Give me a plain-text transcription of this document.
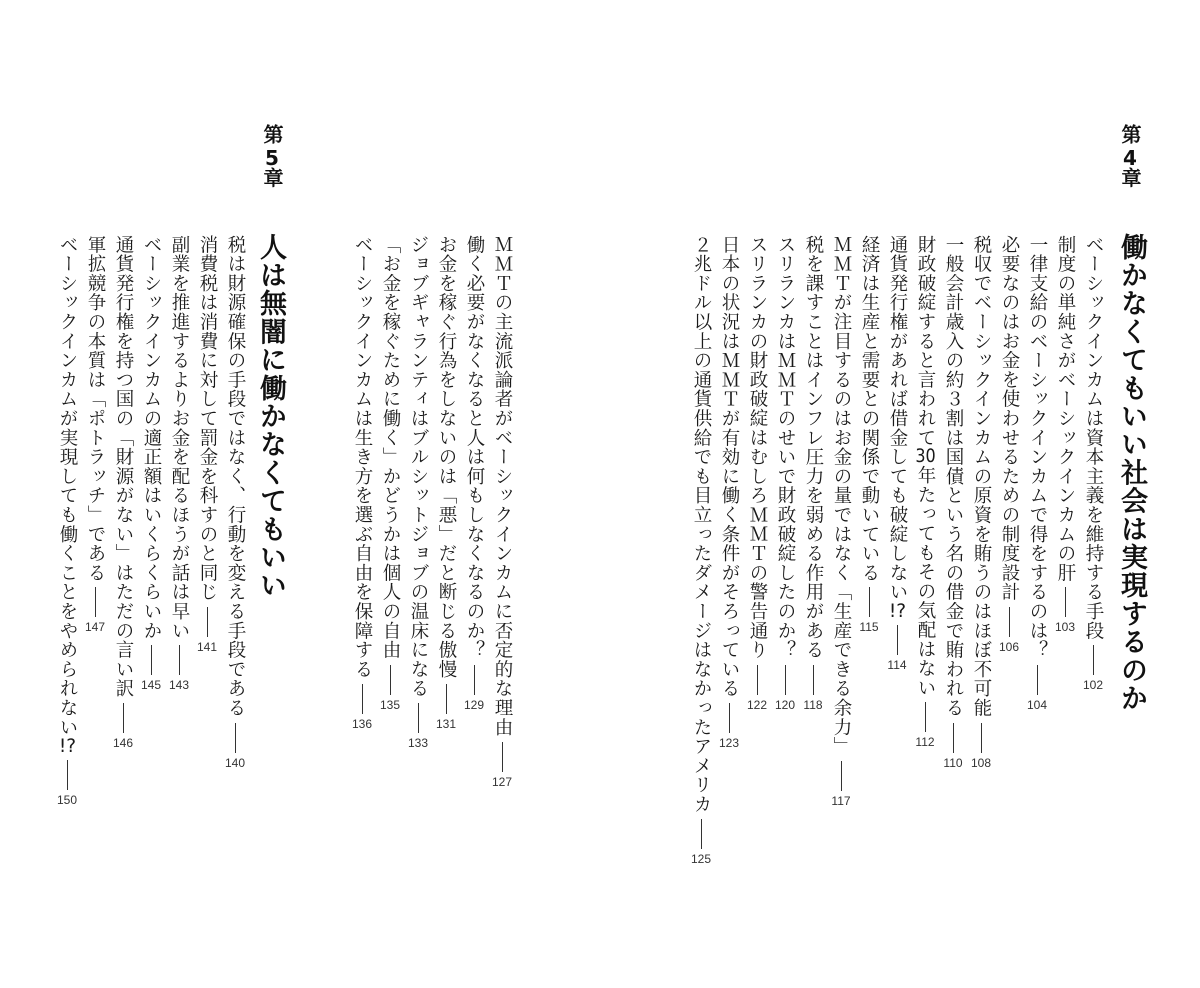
第4章
働かなくてもいい社会は実現するのか
ベーシックインカムは資本主義を維持する手段
102
制度の単純さがベーシックインカムの肝
103
一律支給のベーシックインカムで得をするのは？
104
必要なのはお金を使わせるための制度設計
106
税収でベーシックインカムの原資を賄うのはほぼ不可能
108
一般会計歳入の約３割は国債という名の借金で賄われる
110
財政破綻すると言われて30年たってもその気配はない
112
通貨発行権があれば借金しても破綻しない!?
114
経済は生産と需要との関係で動いている
115
ＭＭＴが注目するのはお金の量ではなく「生産できる余力」
117
税を課すことはインフレ圧力を弱める作用がある
118
スリランカはＭＭＴのせいで財政破綻したのか？
120
スリランカの財政破綻はむしろＭＭＴの警告通り
122
日本の状況はＭＭＴが有効に働く条件がそろっている
123
２兆ドル以上の通貨供給でも目立ったダメージはなかったアメリカ
125
ＭＭＴの主流派論者がベーシックインカムに否定的な理由
127
働く必要がなくなると人は何もしなくなるのか？
129
お金を稼ぐ行為をしないのは「悪」だと断じる傲慢
131
ジョブギャランティはブルシットジョブの温床になる
133
「お金を稼ぐために働く」かどうかは個人の自由
135
ベーシックインカムは生き方を選ぶ自由を保障する
136
第5章
人は無闇に働かなくてもいい
税は財源確保の手段ではなく、行動を変える手段である
140
消費税は消費に対して罰金を科すのと同じ
141
副業を推進するよりお金を配るほうが話は早い
143
ベーシックインカムの適正額はいくらくらいか
145
通貨発行権を持つ国の「財源がない」はただの言い訳
146
軍拡競争の本質は「ポトラッチ」である
147
ベーシックインカムが実現しても働くことをやめられない!?
150
